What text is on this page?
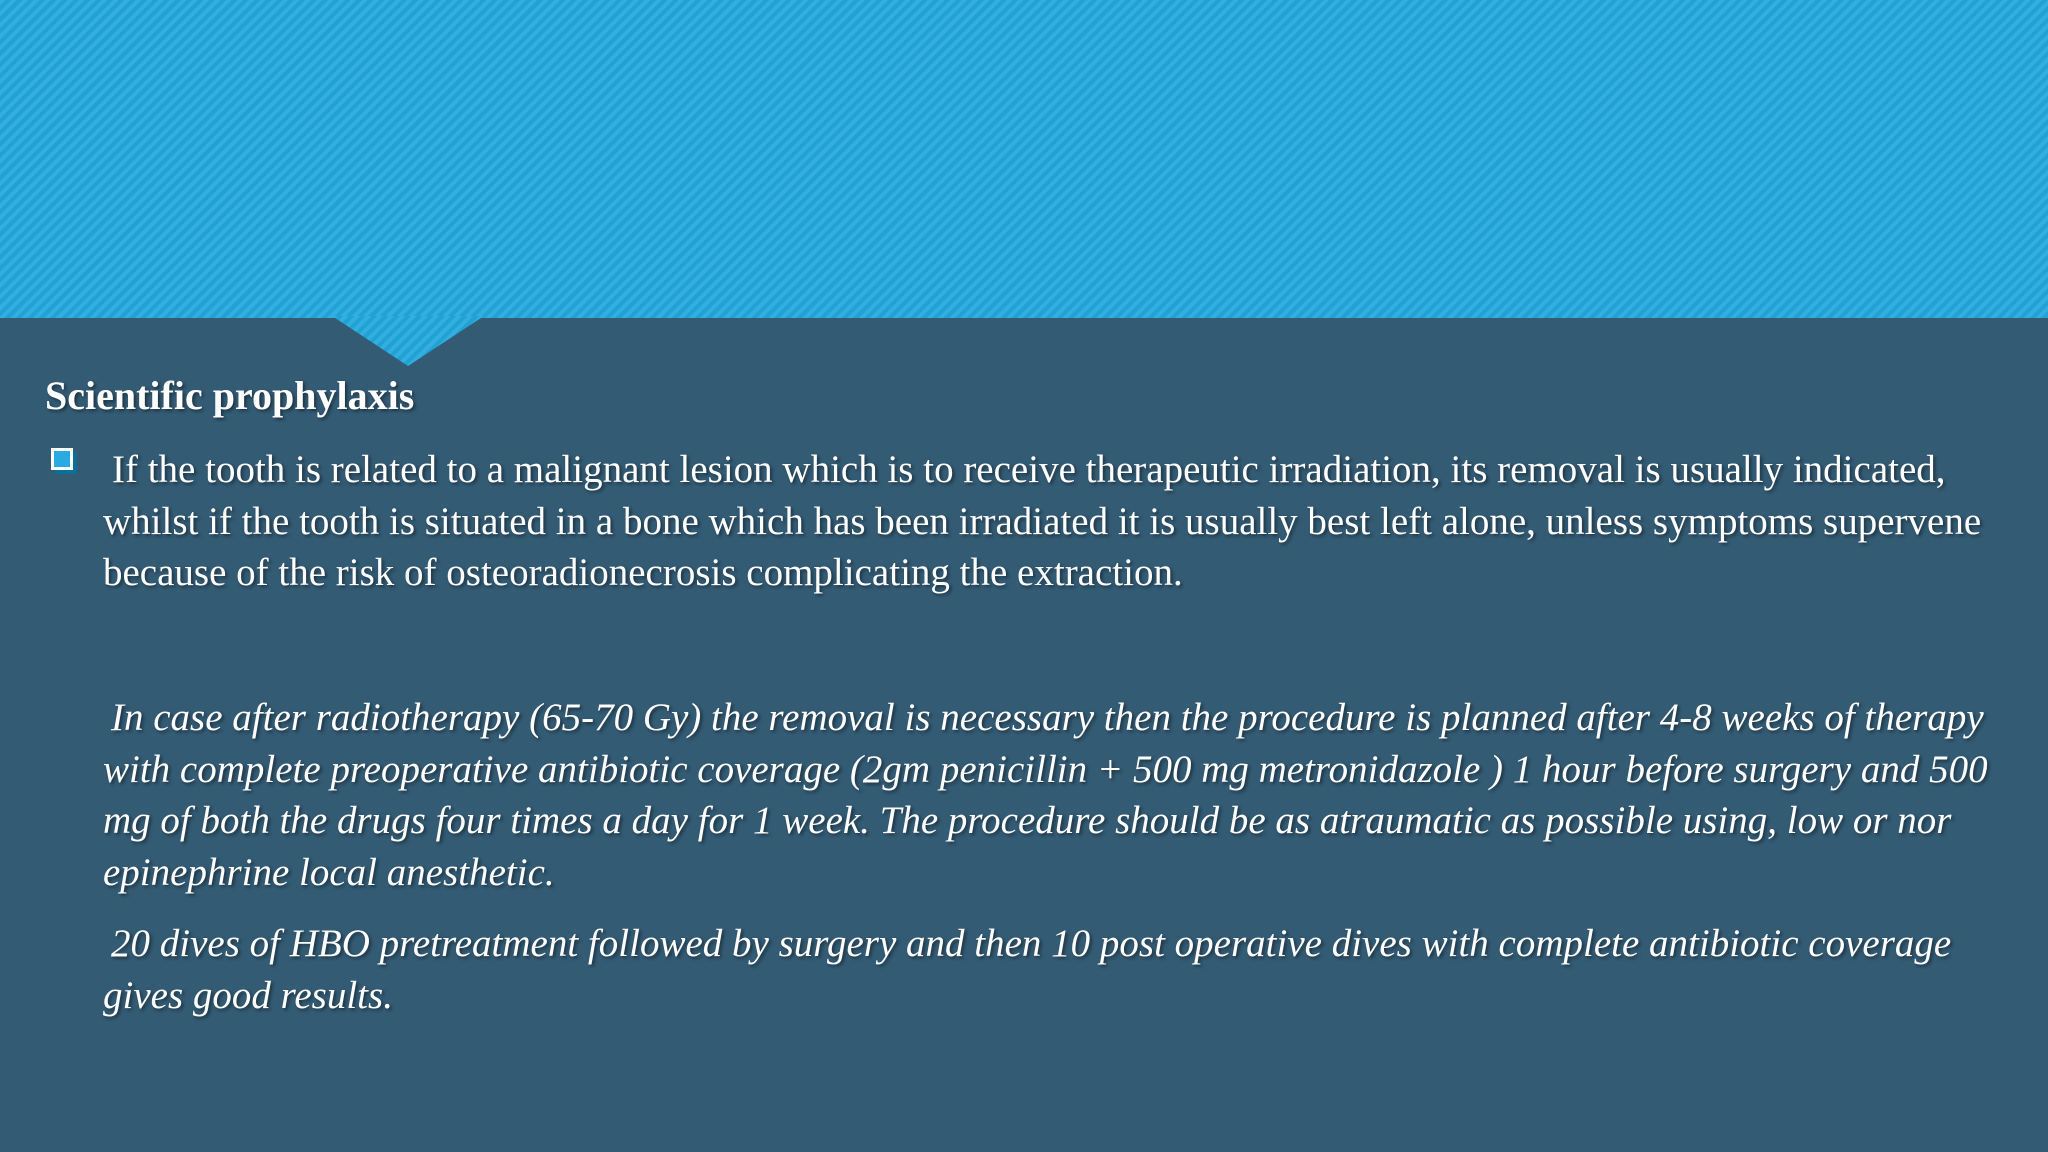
Scientific prophylaxis
If the tooth is related to a malignant lesion which is to receive therapeutic irradiation, its removal is usually indicated, whilst if the tooth is situated in a bone which has been irradiated it is usually best left alone, unless symptoms supervene because of the risk of osteoradionecrosis complicating the extraction.
In case after radiotherapy (65-70 Gy) the removal is necessary then the procedure is planned after 4-8 weeks of therapy with complete preoperative antibiotic coverage (2gm penicillin + 500 mg metronidazole ) 1 hour before surgery and 500 mg of both the drugs four times a day for 1 week. The procedure should be as atraumatic as possible using, low or nor epinephrine local anesthetic.
20 dives of HBO pretreatment followed by surgery and then 10 post operative dives with complete antibiotic coverage gives good results.
